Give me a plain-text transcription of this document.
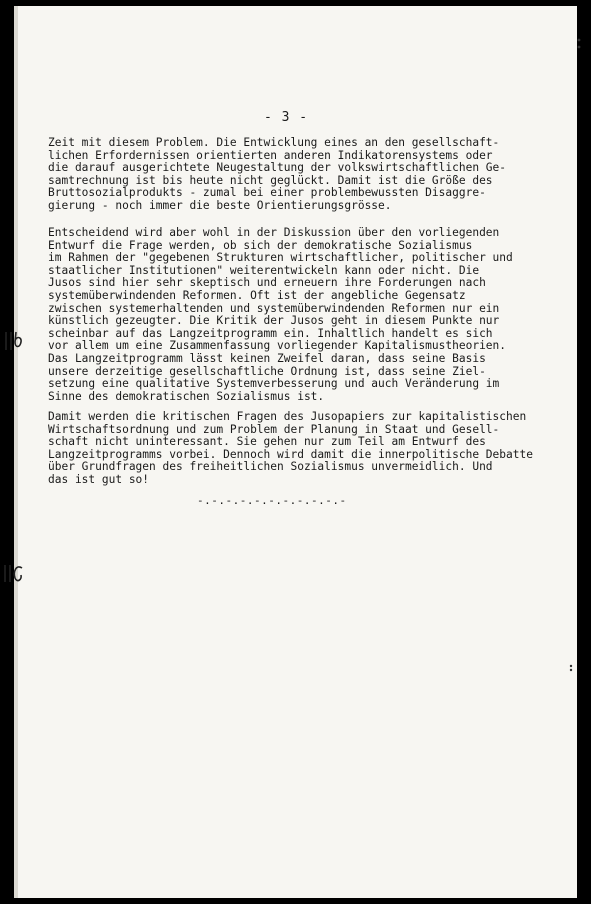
- 3 -
Zeit mit diesem Problem. Die Entwicklung eines an den gesellschaft-
lichen Erfordernissen orientierten anderen Indikatorensystems oder
die darauf ausgerichtete Neugestaltung der volkswirtschaftlichen Ge-
samtrechnung ist bis heute nicht geglückt. Damit ist die Größe des
Bruttosozialprodukts - zumal bei einer problembewussten Disaggre-
gierung - noch immer die beste Orientierungsgrösse.
Entscheidend wird aber wohl in der Diskussion über den vorliegenden
Entwurf die Frage werden, ob sich der demokratische Sozialismus
im Rahmen der "gegebenen Strukturen wirtschaftlicher, politischer und
staatlicher Institutionen" weiterentwickeln kann oder nicht. Die
Jusos sind hier sehr skeptisch und erneuern ihre Forderungen nach
systemüberwindenden Reformen. Oft ist der angebliche Gegensatz
zwischen systemerhaltenden und systemüberwindenden Reformen nur ein
künstlich gezeugter. Die Kritik der Jusos geht in diesem Punkte nur
scheinbar auf das Langzeitprogramm ein. Inhaltlich handelt es sich
vor allem um eine Zusammenfassung vorliegender Kapitalismustheorien.
Das Langzeitprogramm lässt keinen Zweifel daran, dass seine Basis
unsere derzeitige gesellschaftliche Ordnung ist, dass seine Ziel-
setzung eine qualitative Systemverbesserung und auch Veränderung im
Sinne des demokratischen Sozialismus ist.
Damit werden die kritischen Fragen des Jusopapiers zur kapitalistischen
Wirtschaftsordnung und zum Problem der Planung in Staat und Gesell-
schaft nicht uninteressant. Sie gehen nur zum Teil am Entwurf des
Langzeitprogramms vorbei. Dennoch wird damit die innerpolitische Debatte
über Grundfragen des freiheitlichen Sozialismus unvermeidlich. Und
das ist gut so!
-.-.-.-.-.-.-.-.-.-.-
